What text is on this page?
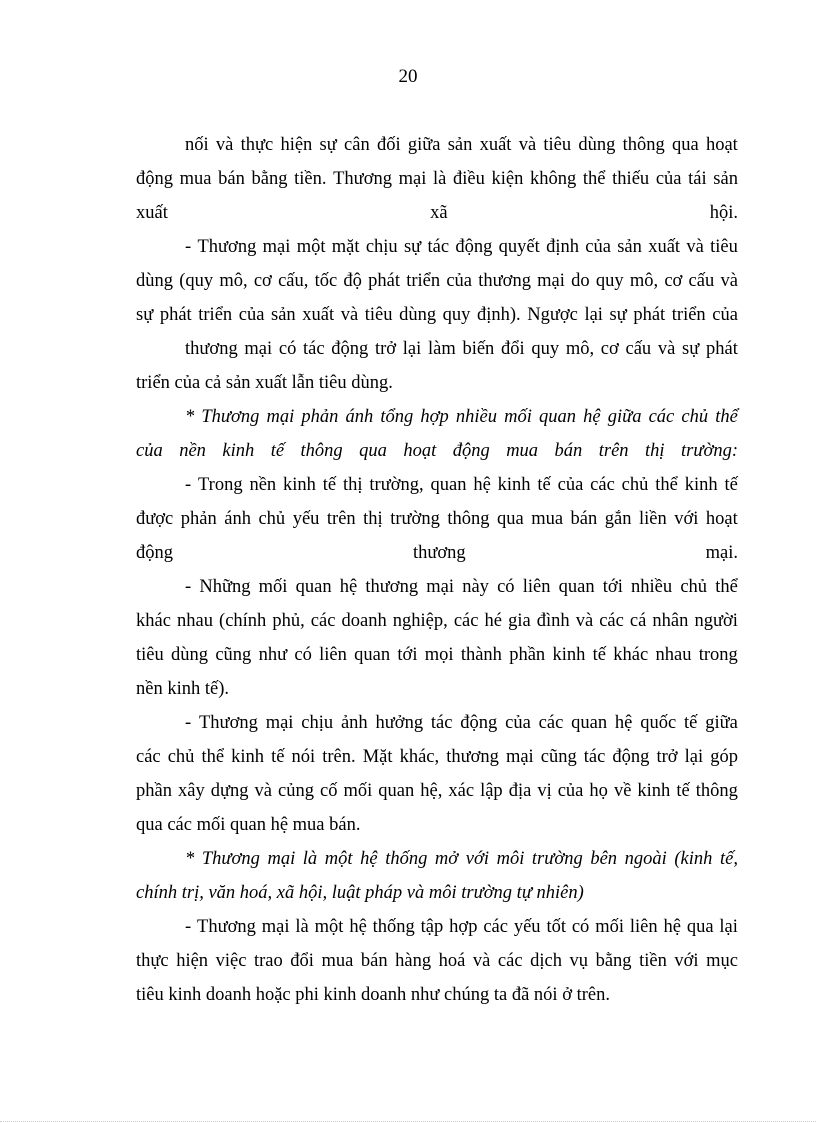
20
nối và thực hiện sự cân đối giữa sản xuất và tiêu dùng thông qua hoạt
động mua bán bằng tiền. Thương mại là điều kiện không thể thiếu của tái sản
xuất	xã	hội.
- Thương mại một mặt chịu sự tác động quyết định của sản xuất và tiêu
dùng (quy mô, cơ cấu, tốc độ phát triển của thương mại do quy mô, cơ cấu và
sự phát triển của sản xuất và tiêu dùng quy định). Ngược lại sự phát triển của
thương mại có tác động trở lại làm biến đổi quy mô, cơ cấu và sự phát
triển của cả sản xuất lẫn tiêu dùng.
* Thương mại phản ánh tổng hợp nhiều mối quan hệ giữa các chủ thể
của nền kinh tế thông qua hoạt động mua bán trên thị trường:
- Trong nền kinh tế thị trường, quan hệ kinh tế của các chủ thể kinh tế
được phản ánh chủ yếu trên thị trường thông qua mua bán gắn liền với hoạt
động	thương	mại.
- Những mối quan hệ thương mại này có liên quan tới nhiều chủ thể
khác nhau (chính phủ, các doanh nghiệp, các hé gia đình và các cá nhân người
tiêu dùng cũng như có liên quan tới mọi thành phần kinh tế khác nhau trong
nền kinh tế).
- Thương mại chịu ảnh hưởng tác động của các quan hệ quốc tế giữa
các chủ thể kinh tế nói trên. Mặt khác, thương mại cũng tác động trở lại góp
phần xây dựng và củng cố mối quan hệ, xác lập địa vị của họ về kinh tế thông
qua các mối quan hệ mua bán.
* Thương mại là một hệ thống mở với môi trường bên ngoài (kinh tế,
chính trị, văn hoá, xã hội, luật pháp và môi trường tự nhiên)
- Thương mại là một hệ thống tập hợp các yếu tốt có mối liên hệ qua lại
thực hiện việc trao đổi mua bán hàng hoá và các dịch vụ bằng tiền với mục
tiêu kinh doanh hoặc phi kinh doanh như chúng ta đã nói ở trên.
